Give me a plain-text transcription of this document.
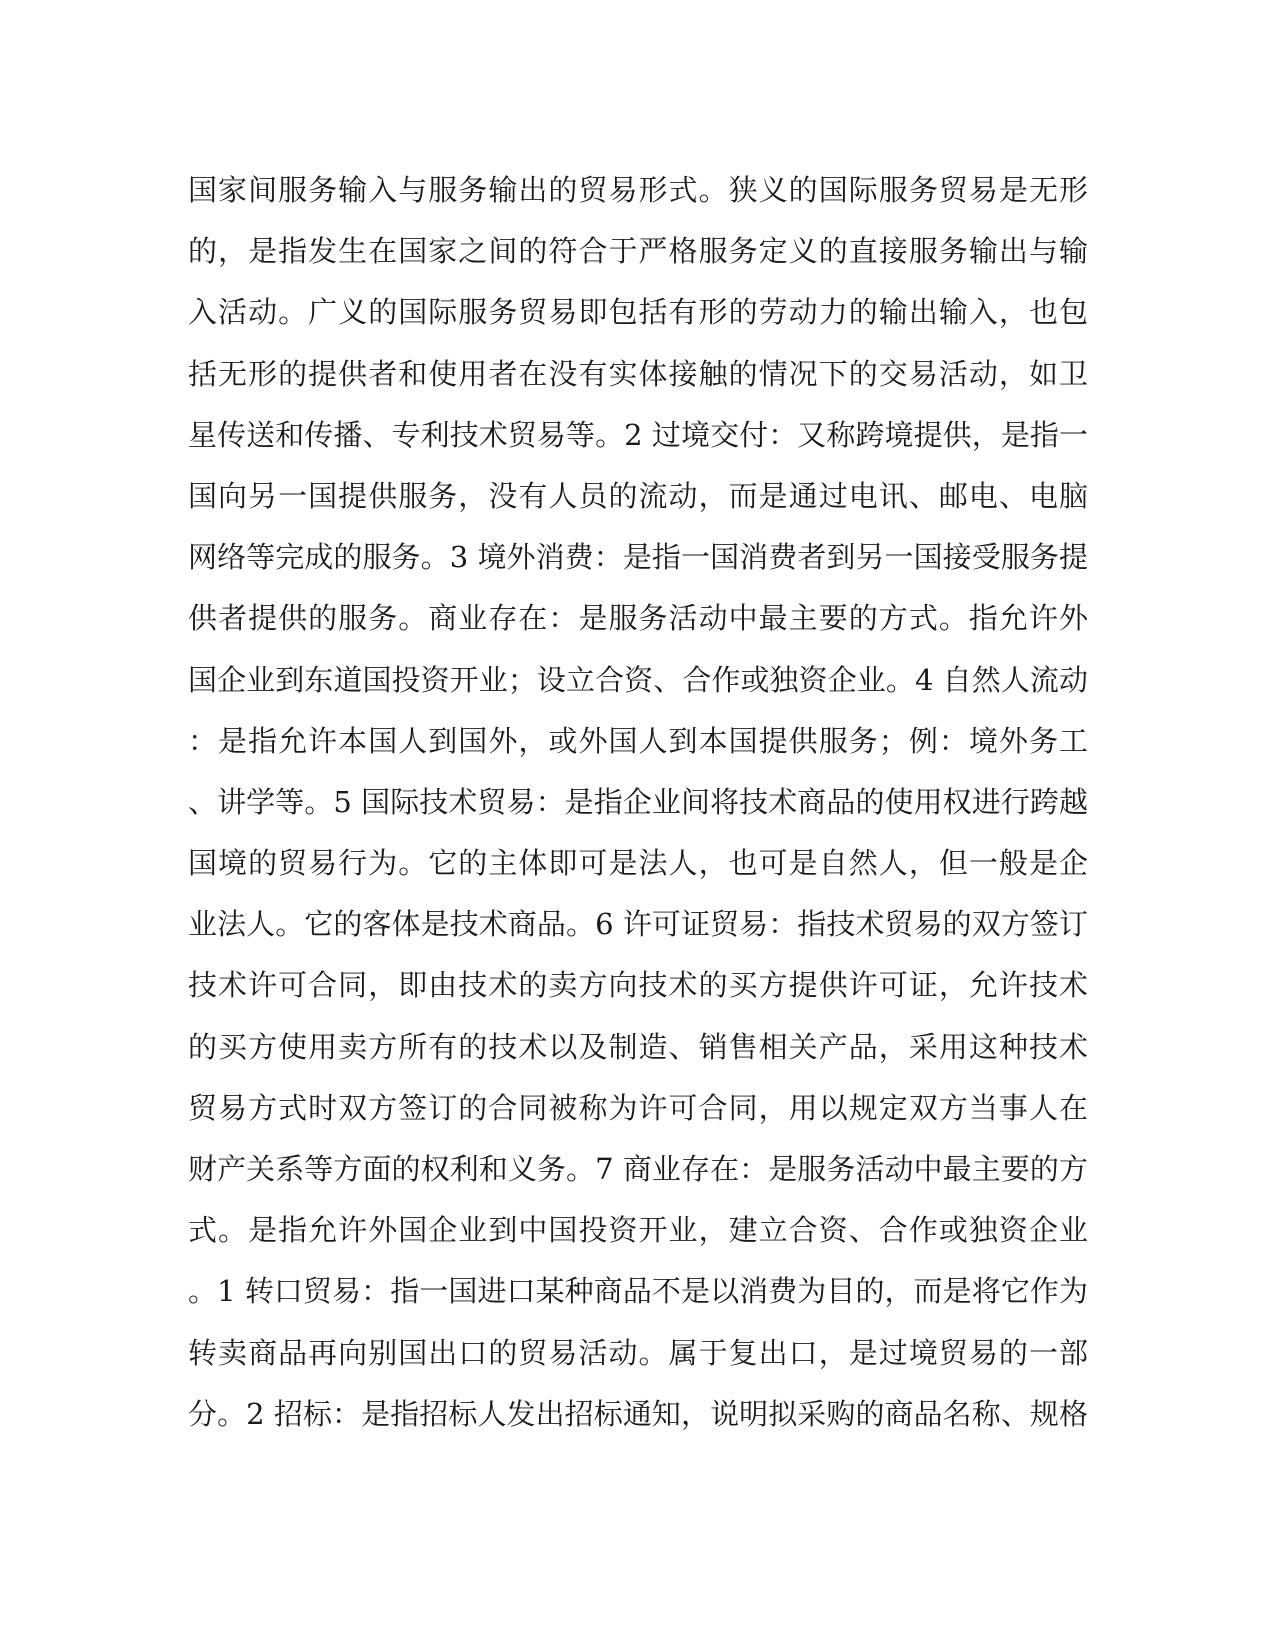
国家间服务输入与服务输出的贸易形式。狭义的国际服务贸易是无形
的，是指发生在国家之间的符合于严格服务定义的直接服务输出与输
入活动。广义的国际服务贸易即包括有形的劳动力的输出输入，也包
括无形的提供者和使用者在没有实体接触的情况下的交易活动，如卫
星传送和传播、专利技术贸易等。2 过境交付：又称跨境提供，是指一
国向另一国提供服务，没有人员的流动，而是通过电讯、邮电、电脑
网络等完成的服务。3 境外消费：是指一国消费者到另一国接受服务提
供者提供的服务。商业存在：是服务活动中最主要的方式。指允许外
国企业到东道国投资开业；设立合资、合作或独资企业。4 自然人流动
：是指允许本国人到国外，或外国人到本国提供服务；例：境外务工
、讲学等。5 国际技术贸易：是指企业间将技术商品的使用权进行跨越
国境的贸易行为。它的主体即可是法人，也可是自然人，但一般是企
业法人。它的客体是技术商品。6 许可证贸易：指技术贸易的双方签订
技术许可合同，即由技术的卖方向技术的买方提供许可证，允许技术
的买方使用卖方所有的技术以及制造、销售相关产品，采用这种技术
贸易方式时双方签订的合同被称为许可合同，用以规定双方当事人在
财产关系等方面的权利和义务。7 商业存在：是服务活动中最主要的方
式。是指允许外国企业到中国投资开业，建立合资、合作或独资企业
。1 转口贸易：指一国进口某种商品不是以消费为目的，而是将它作为
转卖商品再向别国出口的贸易活动。属于复出口，是过境贸易的一部
分。2 招标：是指招标人发出招标通知，说明拟采购的商品名称、规格
